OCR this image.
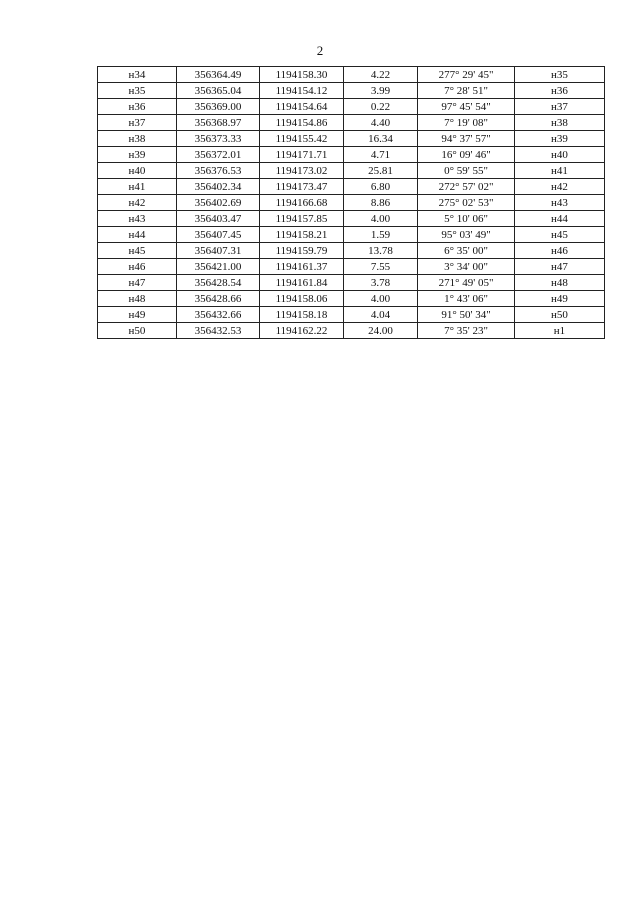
2
н34	356364.49	1194158.30	4.22	277° 29' 45"	н35
н35	356365.04	1194154.12	3.99	7° 28' 51"	н36
н36	356369.00	1194154.64	0.22	97° 45' 54"	н37
н37	356368.97	1194154.86	4.40	7° 19' 08"	н38
н38	356373.33	1194155.42	16.34	94° 37' 57"	н39
н39	356372.01	1194171.71	4.71	16° 09' 46"	н40
н40	356376.53	1194173.02	25.81	0° 59' 55"	н41
н41	356402.34	1194173.47	6.80	272° 57' 02"	н42
н42	356402.69	1194166.68	8.86	275° 02' 53"	н43
н43	356403.47	1194157.85	4.00	5° 10' 06"	н44
н44	356407.45	1194158.21	1.59	95° 03' 49"	н45
н45	356407.31	1194159.79	13.78	6° 35' 00"	н46
н46	356421.00	1194161.37	7.55	3° 34' 00"	н47
н47	356428.54	1194161.84	3.78	271° 49' 05"	н48
н48	356428.66	1194158.06	4.00	1° 43' 06"	н49
н49	356432.66	1194158.18	4.04	91° 50' 34"	н50
н50	356432.53	1194162.22	24.00	7° 35' 23"	н1
